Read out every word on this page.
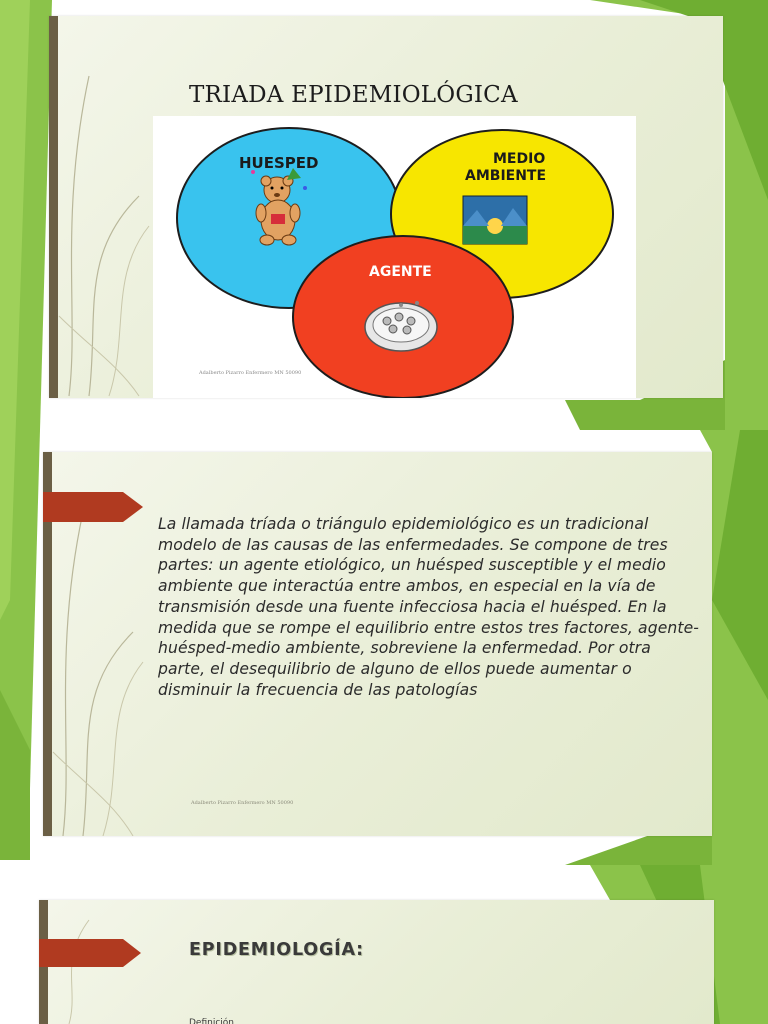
TRIADA EPIDEMIOLÓGICA
HUESPED	MEDIO
AMBIENTE
AGENTE
Adalberto Pizarro Enfermero MN 50090
La llamada tríada o triángulo epidemiológico es un tradicional modelo de las causas de las enfermedades. Se compone de tres partes: un agente etiológico, un huésped susceptible y el medio ambiente que interactúa entre ambos, en especial en la vía de transmisión desde una fuente infecciosa hacia el huésped. En la medida que se rompe el equilibrio entre estos tres factores, agente-huésped-medio ambiente, sobreviene la enfermedad. Por otra parte, el desequilibrio de alguno de ellos puede aumentar o disminuir la frecuencia de las patologías
Adalberto Pizarro Enfermero MN 50090
EPIDEMIOLOGÍA:
Definición
